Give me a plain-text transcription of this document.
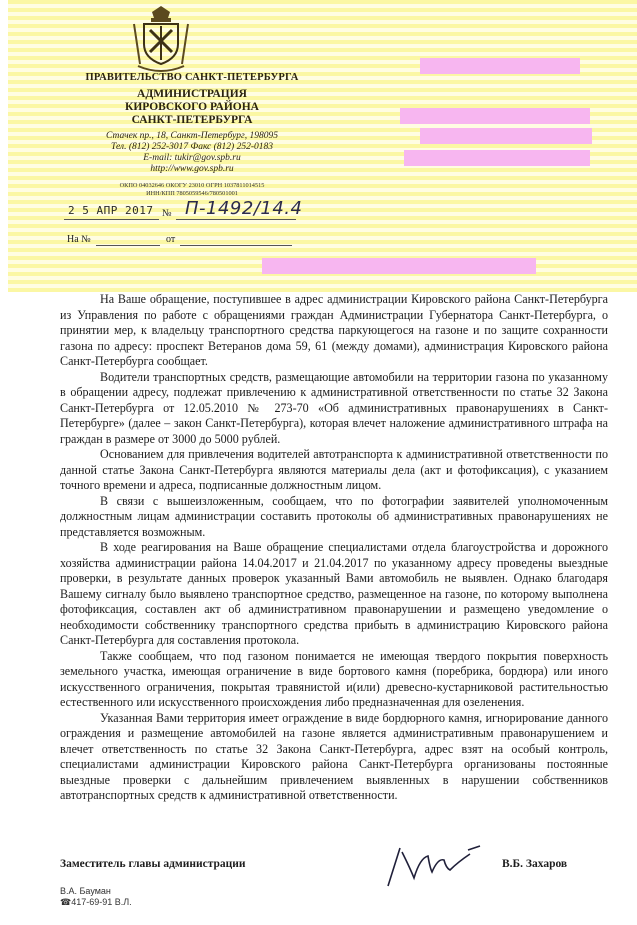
ПРАВИТЕЛЬСТВО САНКТ-ПЕТЕРБУРГА
АДМИНИСТРАЦИЯ
КИРОВСКОГО РАЙОНА
САНКТ-ПЕТЕРБУРГА
Стачек пр., 18, Санкт-Петербург, 198095
Тел. (812) 252-3017 Факс (812) 252-0183
E-mail: tukir@gov.spb.ru
http://www.gov.spb.ru
ОКПО 04032646 ОКОГУ 23010 ОГРН 1037811014515
ИНН/КПП 7805059546/780501001
2 5 АПР 2017 № П-1492/14.4
На №	от

На Ваше обращение, поступившее в адрес администрации Кировского района Санкт-Петербурга из Управления по работе с обращениями граждан Администрации Губернатора Санкт-Петербурга, о принятии мер, к владельцу транспортного средства паркующегося на газоне и по защите сохранности газона по адресу: проспект Ветеранов дома 59, 61 (между домами), администрация Кировского района Санкт-Петербурга сообщает.

Водители транспортных средств, размещающие автомобили на территории газона по указанному в обращении адресу, подлежат привлечению к административной ответственности по статье 32 Закона Санкт-Петербурга от 12.05.2010 № 273-70 «Об административных правонарушениях в Санкт-Петербурге» (далее – закон Санкт-Петербурга), которая влечет наложение административного штрафа на граждан в размере от 3000 до 5000 рублей.

Основанием для привлечения водителей автотранспорта к административной ответственности по данной статье Закона Санкт-Петербурга являются материалы дела (акт и фотофиксация), с указанием точного времени и адреса, подписанные должностным лицом.

В связи с вышеизложенным, сообщаем, что по фотографии заявителей уполномоченным должностным лицам администрации составить протоколы об административных правонарушениях не представляется возможным.

В ходе реагирования на Ваше обращение специалистами отдела благоустройства и дорожного хозяйства администрации района 14.04.2017 и 21.04.2017 по указанному адресу проведены выездные проверки, в результате данных проверок указанный Вами автомобиль не выявлен. Однако благодаря Вашему сигналу было выявлено транспортное средство, размещенное на газоне, по которому выполнена фотофиксация, составлен акт об административном правонарушении и размещено уведомление о необходимости собственнику транспортного средства прибыть в администрацию Кировского района Санкт-Петербурга для составления протокола.

Также сообщаем, что под газоном понимается не имеющая твердого покрытия поверхность земельного участка, имеющая ограничение в виде бортового камня (поребрика, бордюра) или иного искусственного ограничения, покрытая травянистой и(или) древесно-кустарниковой растительностью естественного или искусственного происхождения либо предназначенная для озеленения.

Указанная Вами территория имеет ограждение в виде бордюрного камня, игнорирование данного ограждения и размещение автомобилей на газоне является административным правонарушением и влечет ответственность по статье 32 Закона Санкт-Петербурга, адрес взят на особый контроль, специалистами администрации Кировского района Санкт-Петербурга организованы постоянные выездные проверки с дальнейшим привлечением выявленных в нарушении собственников автотранспортных средств к административной ответственности.

Заместитель главы администрации	В.Б. Захаров
В.А. Бауман
☎417-69-91 В.Л.
